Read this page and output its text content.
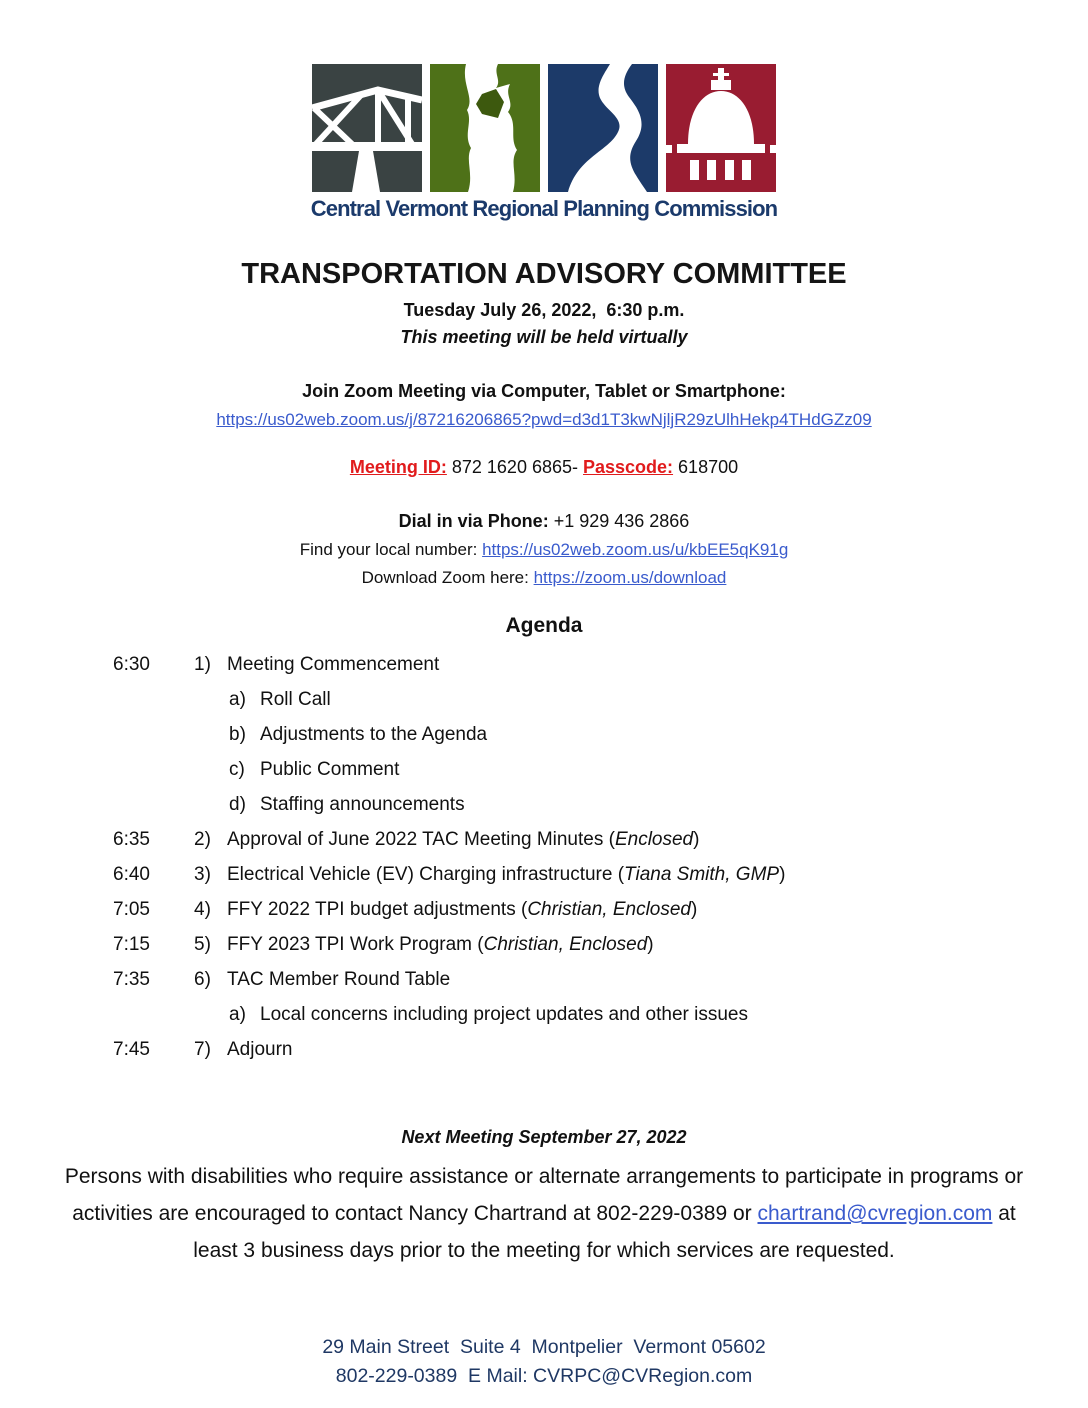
Central Vermont Regional Planning Commission
TRANSPORTATION ADVISORY COMMITTEE
Tuesday July 26, 2022,  6:30 p.m.
This meeting will be held virtually
Join Zoom Meeting via Computer, Tablet or Smartphone:
https://us02web.zoom.us/j/87216206865?pwd=d3d1T3kwNjljR29zUlhHekp4THdGZz09
Meeting ID: 872 1620 6865- Passcode: 618700
Dial in via Phone: +1 929 436 2866
Find your local number: https://us02web.zoom.us/u/kbEE5qK91g
Download Zoom here: https://zoom.us/download
Agenda
6:30	1) Meeting Commencement
a) Roll Call
b) Adjustments to the Agenda
c) Public Comment
d) Staffing announcements
6:35	2) Approval of June 2022 TAC Meeting Minutes (Enclosed)
6:40	3) Electrical Vehicle (EV) Charging infrastructure (Tiana Smith, GMP)
7:05	4) FFY 2022 TPI budget adjustments (Christian, Enclosed)
7:15	5) FFY 2023 TPI Work Program (Christian, Enclosed)
7:35	6) TAC Member Round Table
a) Local concerns including project updates and other issues
7:45	7) Adjourn
Next Meeting September 27, 2022

Persons with disabilities who require assistance or alternate arrangements to participate in programs or activities are encouraged to contact Nancy Chartrand at 802-229-0389 or chartrand@cvregion.com at least 3 business days prior to the meeting for which services are requested.

29 Main Street  Suite 4  Montpelier  Vermont 05602
802-229-0389  E Mail: CVRPC@CVRegion.com
